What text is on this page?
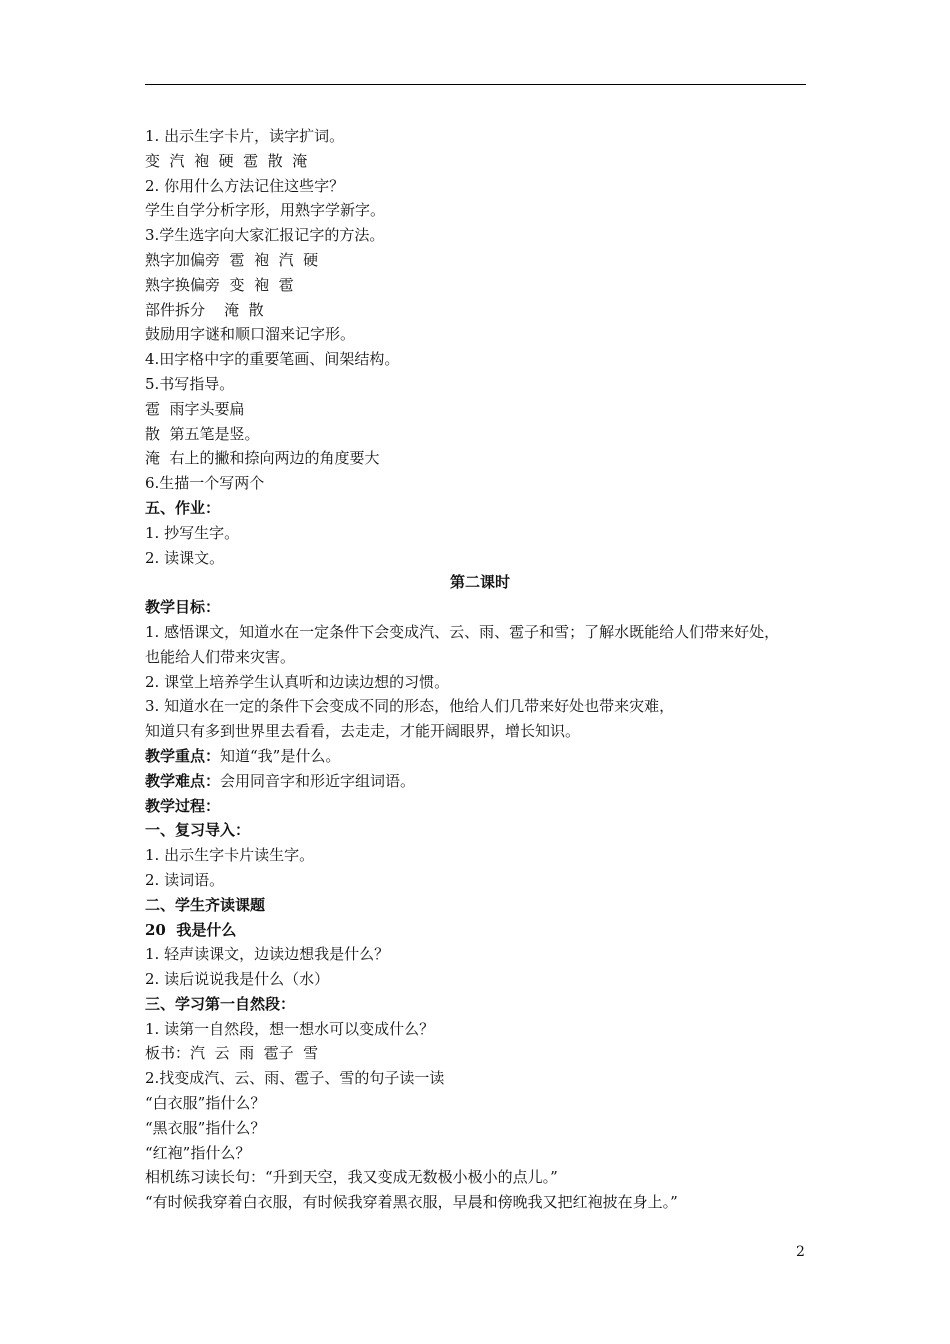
1. 出示生字卡片，读字扩词。

变  汽  袍  硬  雹  散  淹

2. 你用什么方法记住这些字？

学生自学分析字形，用熟字学新字。

3.学生选字向大家汇报记字的方法。

熟字加偏旁  雹  袍  汽  硬

熟字换偏旁  变  袍  雹

部件拆分    淹  散

鼓励用字谜和顺口溜来记字形。

4.田字格中字的重要笔画、间架结构。

5.书写指导。

雹  雨字头要扁

散  第五笔是竖。

淹  右上的撇和捺向两边的角度要大

6.生描一个写两个

五、作业：

1. 抄写生字。

2. 读课文。

第二课时

教学目标：

1. 感悟课文，知道水在一定条件下会变成汽、云、雨、雹子和雪；了解水既能给人们带来好处，

也能给人们带来灾害。

2. 课堂上培养学生认真听和边读边想的习惯。

3. 知道水在一定的条件下会变成不同的形态，他给人们几带来好处也带来灾难，

知道只有多到世界里去看看，去走走，才能开阔眼界，增长知识。

教学重点：知道“我”是什么。

教学难点：会用同音字和形近字组词语。

教学过程：

一、复习导入：

1. 出示生字卡片读生字。

2. 读词语。

二、学生齐读课题

20  我是什么

1. 轻声读课文，边读边想我是什么？

2. 读后说说我是什么（水）

三、学习第一自然段：

1. 读第一自然段，想一想水可以变成什么？

板书：汽  云  雨  雹子  雪

2.找变成汽、云、雨、雹子、雪的句子读一读

“白衣服”指什么？

“黑衣服”指什么？

“红袍”指什么？

相机练习读长句：“升到天空，我又变成无数极小极小的点儿。”

“有时候我穿着白衣服，有时候我穿着黑衣服，早晨和傍晚我又把红袍披在身上。”

2
